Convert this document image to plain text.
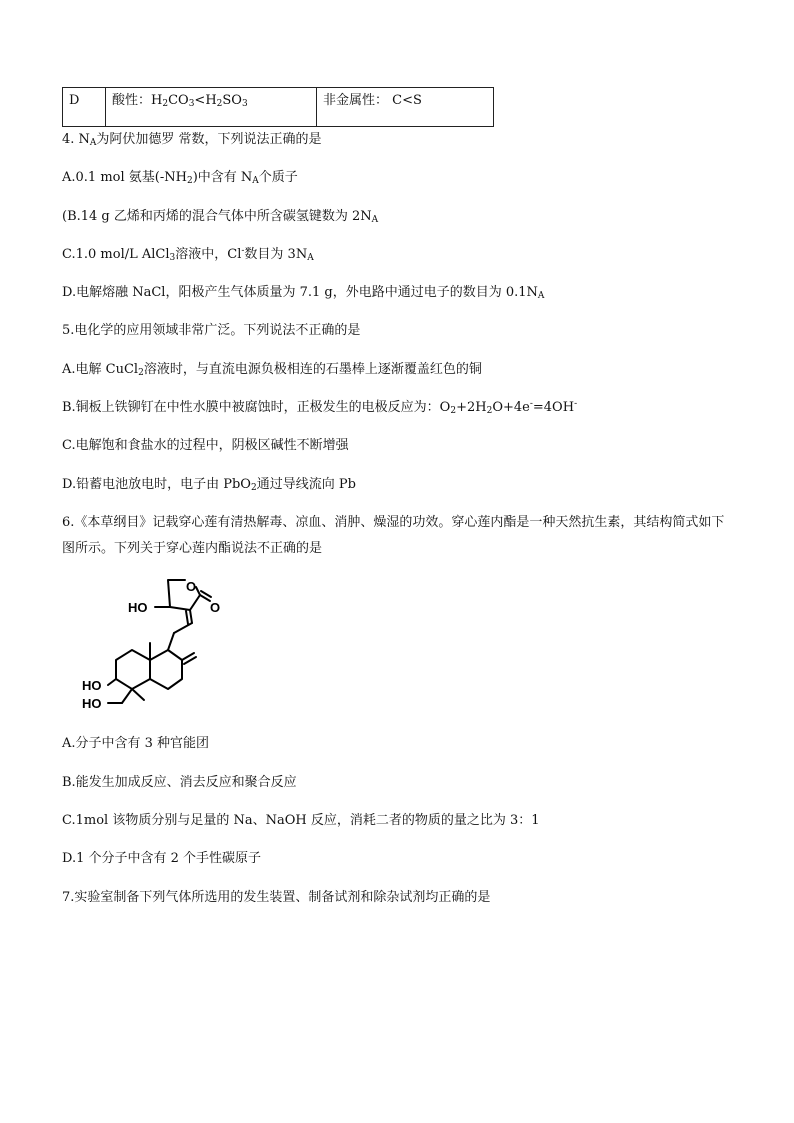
D	酸性：$H_2CO_3<H_2SO_3$	非金属性： C<S
4. $N_A$为阿伏加德罗 常数，下列说法正确的是
A.0.1 mol 氨基$(-NH_2)$中含有 $N_A$个质子
(B.14 g 乙烯和丙烯的混合气体中所含碳氢键数为 $2N_A$
C.1.0 mol/L AlCl$_3$溶液中，Cl-数目为 $3N_A$
D.电解熔融 NaCl，阳极产生气体质量为 7.1 g，外电路中通过电子的数目为 $0.1N_A$
5.电化学的应用领域非常广泛。下列说法不正确的是
A.电解 CuCl$_2$溶液时，与直流电源负极相连的石墨棒上逐渐覆盖红色的铜
B.铜板上铁铆钉在中性水膜中被腐蚀时，正极发生的电极反应为：$O_2+2H_2O+4e^-=4OH^-$
C.电解饱和食盐水的过程中，阴极区碱性不断增强
D.铅蓄电池放电时，电子由 PbO$_2$通过导线流向 Pb
6.《本草纲目》记载穿心莲有清热解毒、凉血、消肿、燥湿的功效。穿心莲内酯是一种天然抗生素，其结构简式如下图所示。下列关于穿心莲内酯说法不正确的是
O
O
HO
HO
HO
A.分子中含有 3 种官能团
B.能发生加成反应、消去反应和聚合反应
C.1mol 该物质分别与足量的 Na、NaOH 反应，消耗二者的物质的量之比为 3：1
D.1 个分子中含有 2 个手性碳原子
7.实验室制备下列气体所选用的发生装置、制备试剂和除杂试剂均正确的是
